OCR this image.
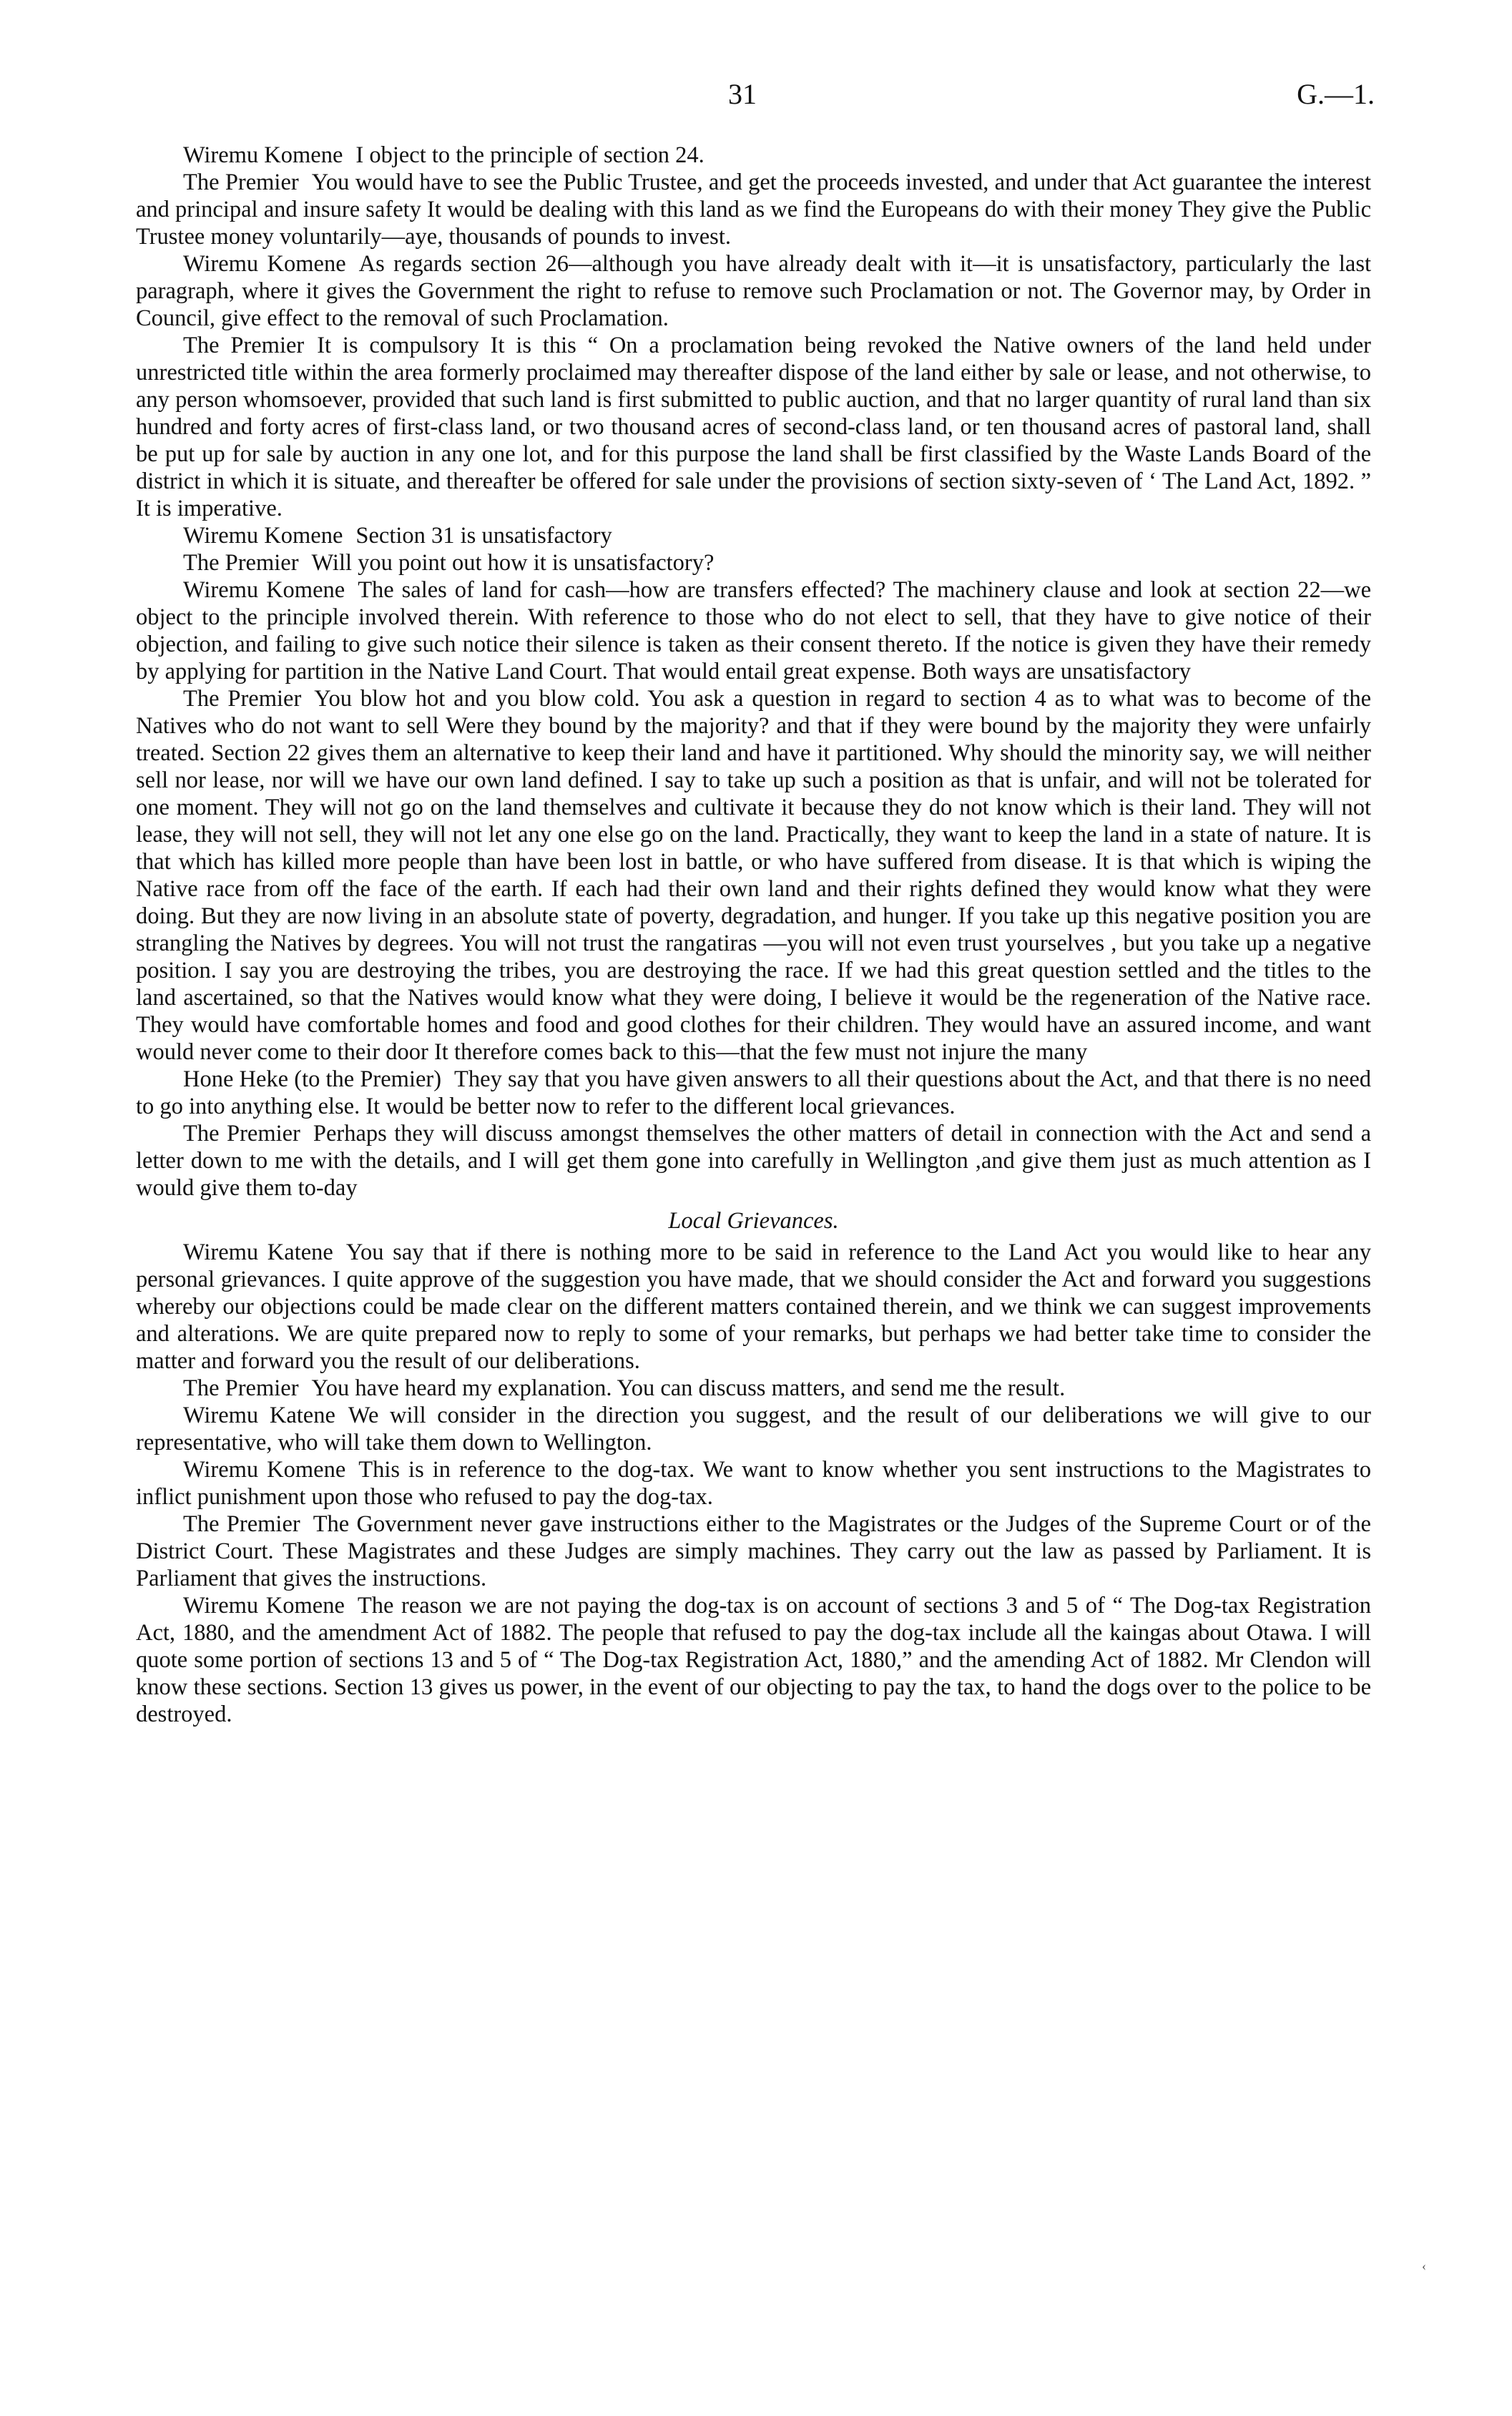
31	G.—1.

Wiremu Komene I object to the principle of section 24.

The Premier You would have to see the Public Trustee, and get the proceeds invested, and under that Act guarantee the interest and principal and insure safety It would be dealing with this land as we find the Europeans do with their money They give the Public Trustee money voluntarily—aye, thousands of pounds to invest.

Wiremu Komene As regards section 26—although you have already dealt with it—it is unsatisfactory, particularly the last paragraph, where it gives the Government the right to refuse to remove such Proclamation or not. The Governor may, by Order in Council, give effect to the removal of such Proclamation.

The Premier It is compulsory It is this “ On a proclamation being revoked the Native owners of the land held under unrestricted title within the area formerly proclaimed may thereafter dispose of the land either by sale or lease, and not otherwise, to any person whomsoever, provided that such land is first submitted to public auction, and that no larger quantity of rural land than six hundred and forty acres of first-class land, or two thousand acres of second-class land, or ten thousand acres of pastoral land, shall be put up for sale by auction in any one lot, and for this purpose the land shall be first classified by the Waste Lands Board of the district in which it is situate, and thereafter be offered for sale under the provisions of section sixty-seven of ‘ The Land Act, 1892. ” It is imperative.

Wiremu Komene Section 31 is unsatisfactory

The Premier Will you point out how it is unsatisfactory?

Wiremu Komene The sales of land for cash—how are transfers effected? The machinery clause and look at section 22—we object to the principle involved therein. With reference to those who do not elect to sell, that they have to give notice of their objection, and failing to give such notice their silence is taken as their consent thereto. If the notice is given they have their remedy by applying for partition in the Native Land Court. That would entail great expense. Both ways are unsatisfactory

The Premier You blow hot and you blow cold. You ask a question in regard to section 4 as to what was to become of the Natives who do not want to sell Were they bound by the majority? and that if they were bound by the majority they were unfairly treated. Section 22 gives them an alternative to keep their land and have it partitioned. Why should the minority say, we will neither sell nor lease, nor will we have our own land defined. I say to take up such a position as that is unfair, and will not be tolerated for one moment. They will not go on the land themselves and cultivate it because they do not know which is their land. They will not lease, they will not sell, they will not let any one else go on the land. Practically, they want to keep the land in a state of nature. It is that which has killed more people than have been lost in battle, or who have suffered from disease. It is that which is wiping the Native race from off the face of the earth. If each had their own land and their rights defined they would know what they were doing. But they are now living in an absolute state of poverty, degradation, and hunger. If you take up this negative position you are strangling the Natives by degrees. You will not trust the rangatiras —you will not even trust yourselves , but you take up a negative position. I say you are destroying the tribes, you are destroying the race. If we had this great question settled and the titles to the land ascertained, so that the Natives would know what they were doing, I believe it would be the regeneration of the Native race. They would have comfortable homes and food and good clothes for their children. They would have an assured income, and want would never come to their door It therefore comes back to this—that the few must not injure the many

Hone Heke (to the Premier) They say that you have given answers to all their questions about the Act, and that there is no need to go into anything else. It would be better now to refer to the different local grievances.

The Premier Perhaps they will discuss amongst themselves the other matters of detail in connection with the Act and send a letter down to me with the details, and I will get them gone into carefully in Wellington ,and give them just as much attention as I would give them to-day

Local Grievances.

Wiremu Katene You say that if there is nothing more to be said in reference to the Land Act you would like to hear any personal grievances. I quite approve of the suggestion you have made, that we should consider the Act and forward you suggestions whereby our objections could be made clear on the different matters contained therein, and we think we can suggest improvements and alterations. We are quite prepared now to reply to some of your remarks, but perhaps we had better take time to consider the matter and forward you the result of our deliberations.

The Premier You have heard my explanation. You can discuss matters, and send me the result.

Wiremu Katene We will consider in the direction you suggest, and the result of our deliberations we will give to our representative, who will take them down to Wellington.

Wiremu Komene This is in reference to the dog-tax. We want to know whether you sent instructions to the Magistrates to inflict punishment upon those who refused to pay the dog-tax.

The Premier The Government never gave instructions either to the Magistrates or the Judges of the Supreme Court or of the District Court. These Magistrates and these Judges are simply machines. They carry out the law as passed by Parliament. It is Parliament that gives the instructions.

Wiremu Komene The reason we are not paying the dog-tax is on account of sections 3 and 5 of “ The Dog-tax Registration Act, 1880, and the amendment Act of 1882. The people that refused to pay the dog-tax include all the kaingas about Otawa. I will quote some portion of sections 13 and 5 of “ The Dog-tax Registration Act, 1880,” and the amending Act of 1882. Mr Clendon will know these sections. Section 13 gives us power, in the event of our objecting to pay the tax, to hand the dogs over to the police to be destroyed.

‹
